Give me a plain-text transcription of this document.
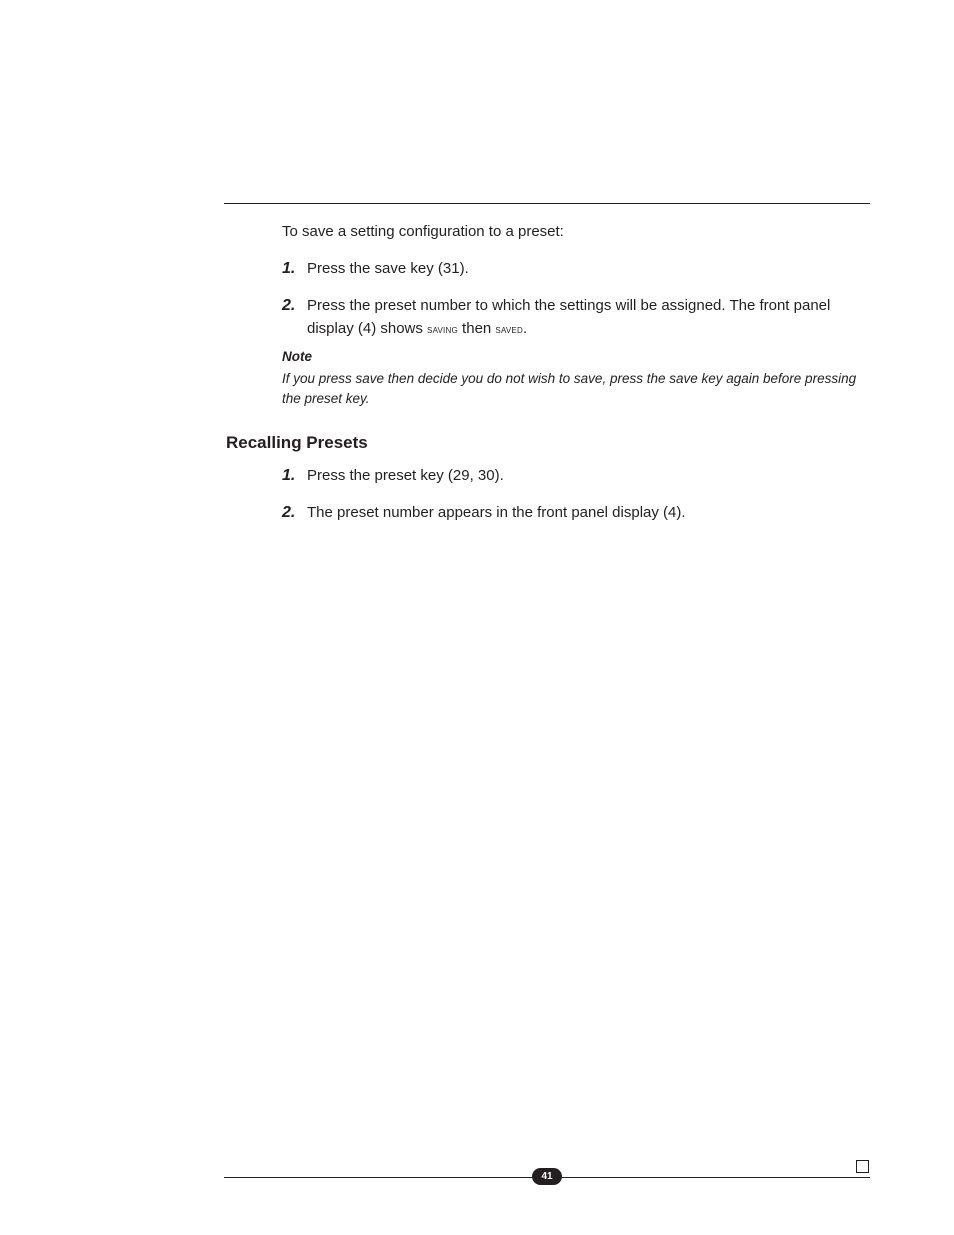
To save a setting configuration to a preset:
1. Press the save key (31).
2. Press the preset number to which the settings will be assigned. The front panel display (4) shows saving then saved.
Note
If you press save then decide you do not wish to save, press the save key again before pressing the preset key.
Recalling Presets
1. Press the preset key (29, 30).
2. The preset number appears in the front panel display (4).
41
